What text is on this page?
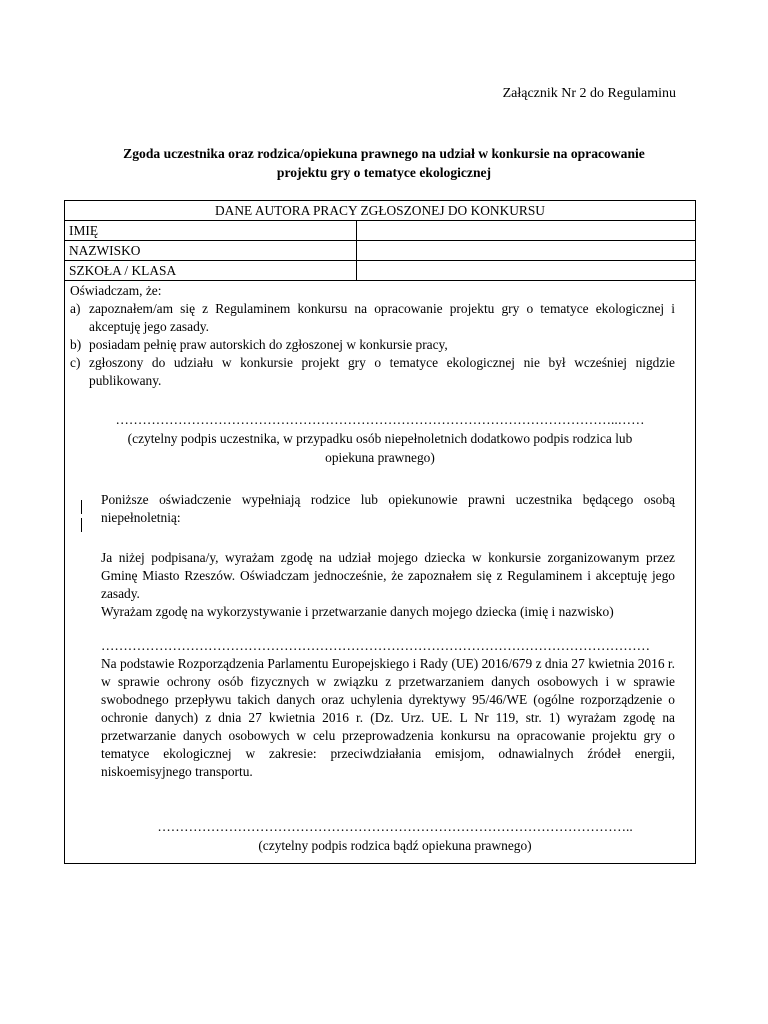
Załącznik Nr 2 do Regulaminu
Zgoda uczestnika oraz rodzica/opiekuna prawnego na udział w konkursie na opracowanie
projektu gry o tematyce ekologicznej
DANE AUTORA PRACY ZGŁOSZONEJ DO KONKURSU	
IMIĘ	
NAZWISKO	
SZKOŁA / KLASA	
Oświadczam, że:
a) zapoznałem/am się z Regulaminem konkursu na opracowanie projektu gry o tematyce ekologicznej i akceptuję jego zasady.
b) posiadam pełnię praw autorskich do zgłoszonej w konkursie pracy,
c) zgłoszony do udziału w konkursie projekt gry o tematyce ekologicznej nie był wcześniej nigdzie publikowany.
…………………………………………………………………………………………………..……
(czytelny podpis uczestnika, w przypadku osób niepełnoletnich dodatkowo podpis rodzica lub opiekuna prawnego)
Poniższe oświadczenie wypełniają rodzice lub opiekunowie prawni uczestnika będącego osobą niepełnoletnią:
Ja niżej podpisana/y, wyrażam zgodę na udział mojego dziecka w konkursie zorganizowanym przez Gminę Miasto Rzeszów. Oświadczam jednocześnie, że zapoznałem się z Regulaminem i akceptuję jego zasady.
Wyrażam zgodę na wykorzystywanie i przetwarzanie danych mojego dziecka (imię i nazwisko)
……………………………………………………………………………………………………………
Na podstawie Rozporządzenia Parlamentu Europejskiego i Rady (UE) 2016/679 z dnia 27 kwietnia 2016 r. w sprawie ochrony osób fizycznych w związku z przetwarzaniem danych osobowych i w sprawie swobodnego przepływu takich danych oraz uchylenia dyrektywy 95/46/WE (ogólne rozporządzenie o ochronie danych) z dnia 27 kwietnia 2016 r. (Dz. Urz. UE. L Nr 119, str. 1) wyrażam zgodę na przetwarzanie danych osobowych w celu przeprowadzenia konkursu na opracowanie projektu gry o tematyce ekologicznej w zakresie: przeciwdziałania emisjom, odnawialnych źródeł energii, niskoemisyjnego transportu.
……………………………………………………………………………………………..
(czytelny podpis rodzica bądź opiekuna prawnego)
